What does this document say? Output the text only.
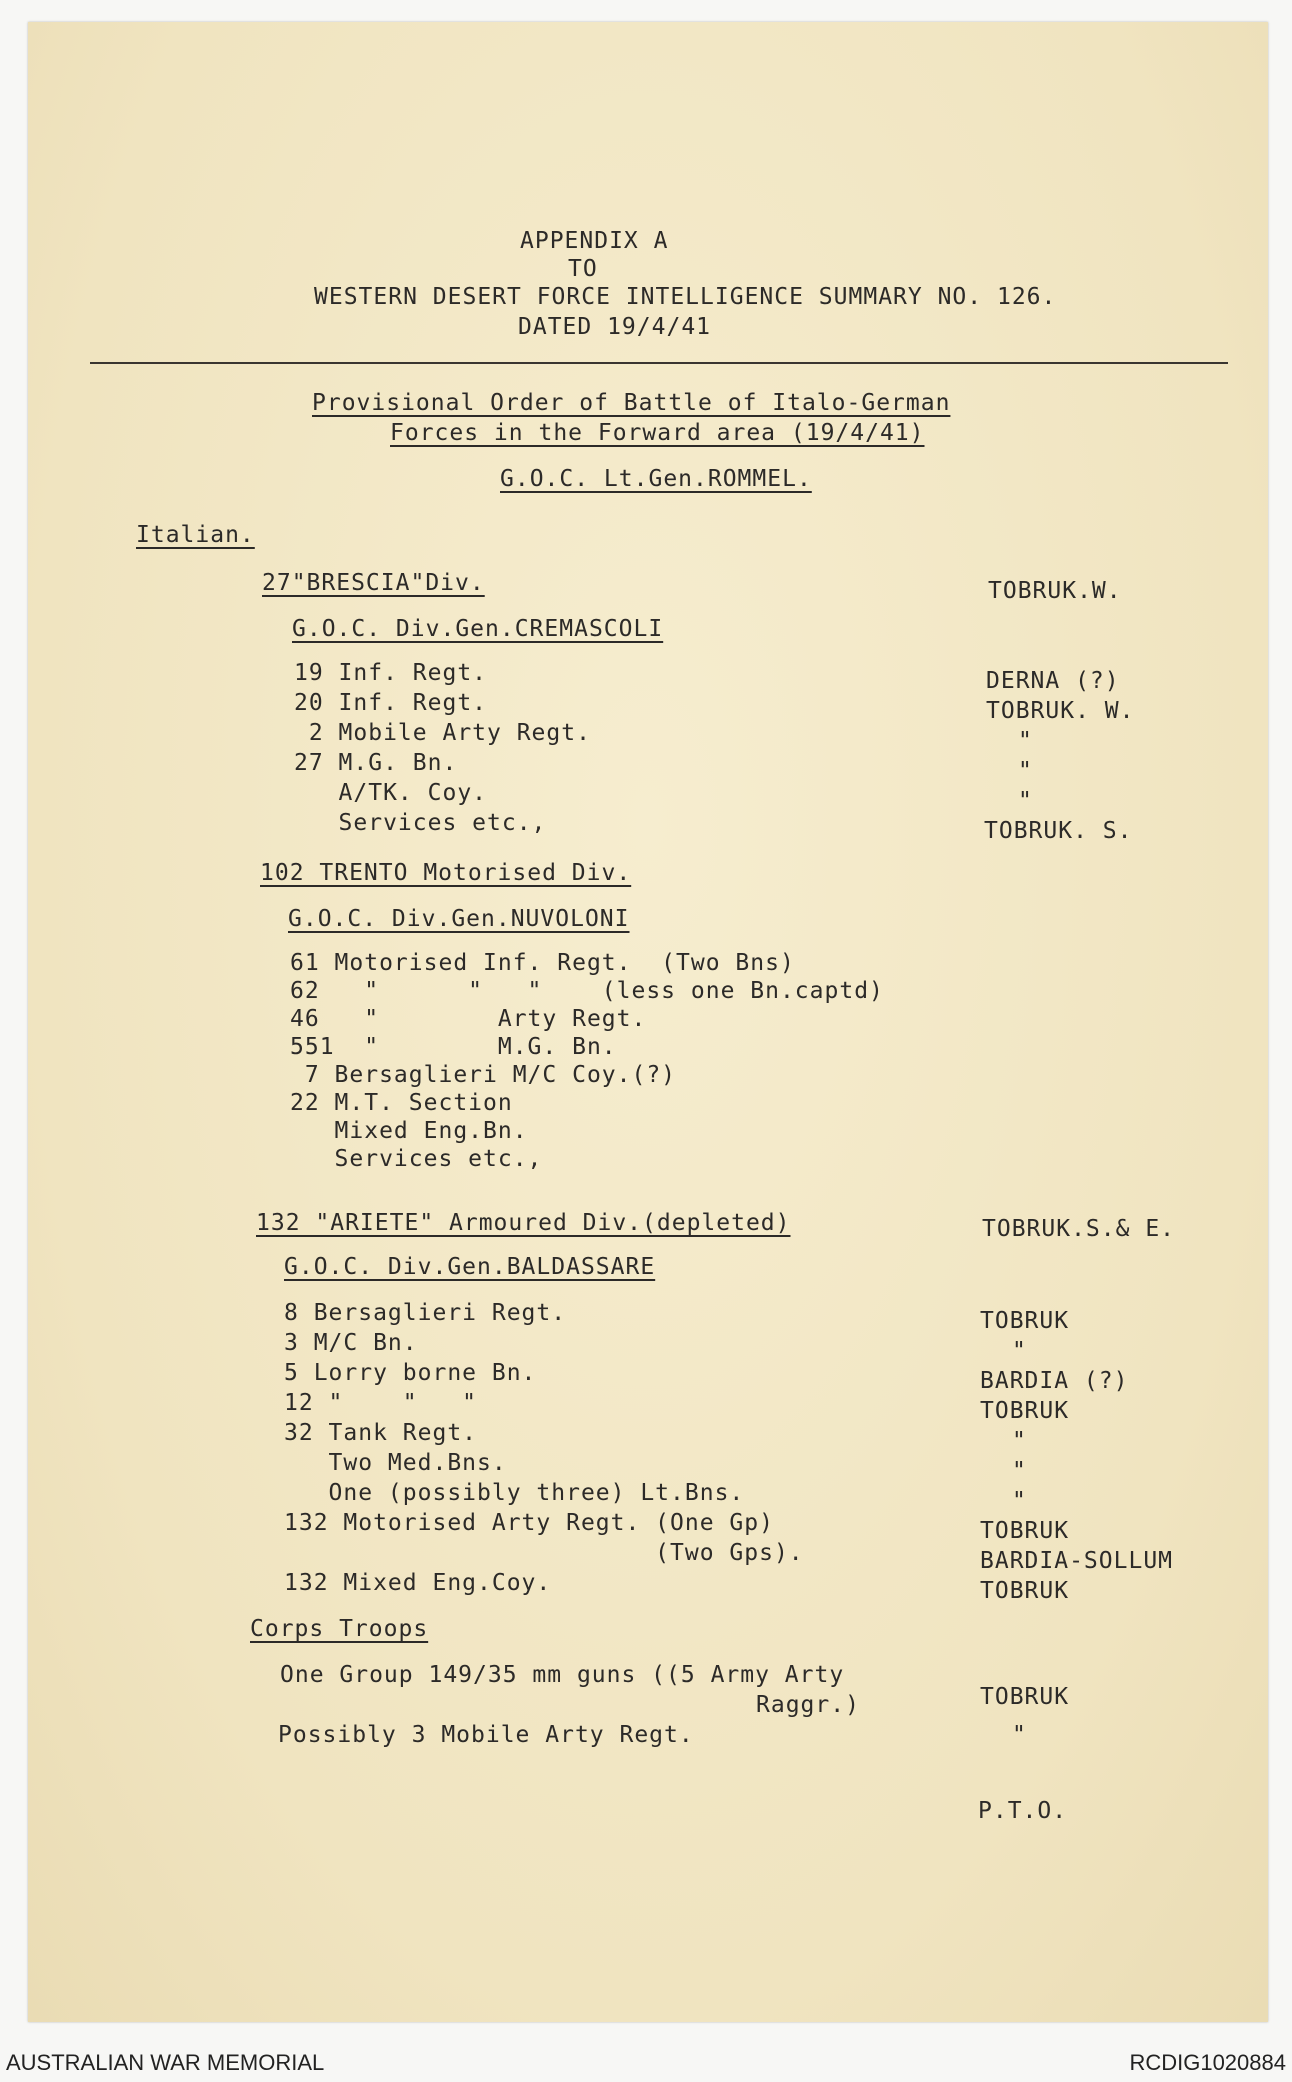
APPENDIX A
TO
WESTERN DESERT FORCE INTELLIGENCE SUMMARY NO. 126.
DATED 19/4/41
Provisional Order of Battle of Italo-German
Forces in the Forward area (19/4/41)
G.O.C. Lt.Gen.ROMMEL.
Italian.
27"BRESCIA"Div.	TOBRUK.W.
G.O.C. Div.Gen.CREMASCOLI
19 Inf. Regt.	DERNA (?)
20 Inf. Regt.	TOBRUK. W.
2 Mobile Arty Regt.	"
27 M.G. Bn.	"
A/TK. Coy.	"
Services etc.,	TOBRUK. S.
102 TRENTO Motorised Div.
G.O.C. Div.Gen.NUVOLONI
61 Motorised Inf. Regt.  (Two Bns)
62   "      "   "    (less one Bn.captd)
46   "        Arty Regt.
551  "        M.G. Bn.
7 Bersaglieri M/C Coy.(?)
22 M.T. Section
Mixed Eng.Bn.
Services etc.,
132 "ARIETE" Armoured Div.(depleted)	TOBRUK.S.& E.
G.O.C. Div.Gen.BALDASSARE
8 Bersaglieri Regt.	TOBRUK
3 M/C Bn.	"
5 Lorry borne Bn.	BARDIA (?)
12 "    "   "	TOBRUK
32 Tank Regt.	"
Two Med.Bns.	"
One (possibly three) Lt.Bns.	"
132 Motorised Arty Regt. (One Gp)	TOBRUK
(Two Gps).	BARDIA-SOLLUM
132 Mixed Eng.Coy.	TOBRUK
Corps Troops
One Group 149/35 mm guns ((5 Army Arty
Raggr.)	TOBRUK
Possibly 3 Mobile Arty Regt.	"
P.T.O.
AUSTRALIAN WAR MEMORIAL	RCDIG1020884
